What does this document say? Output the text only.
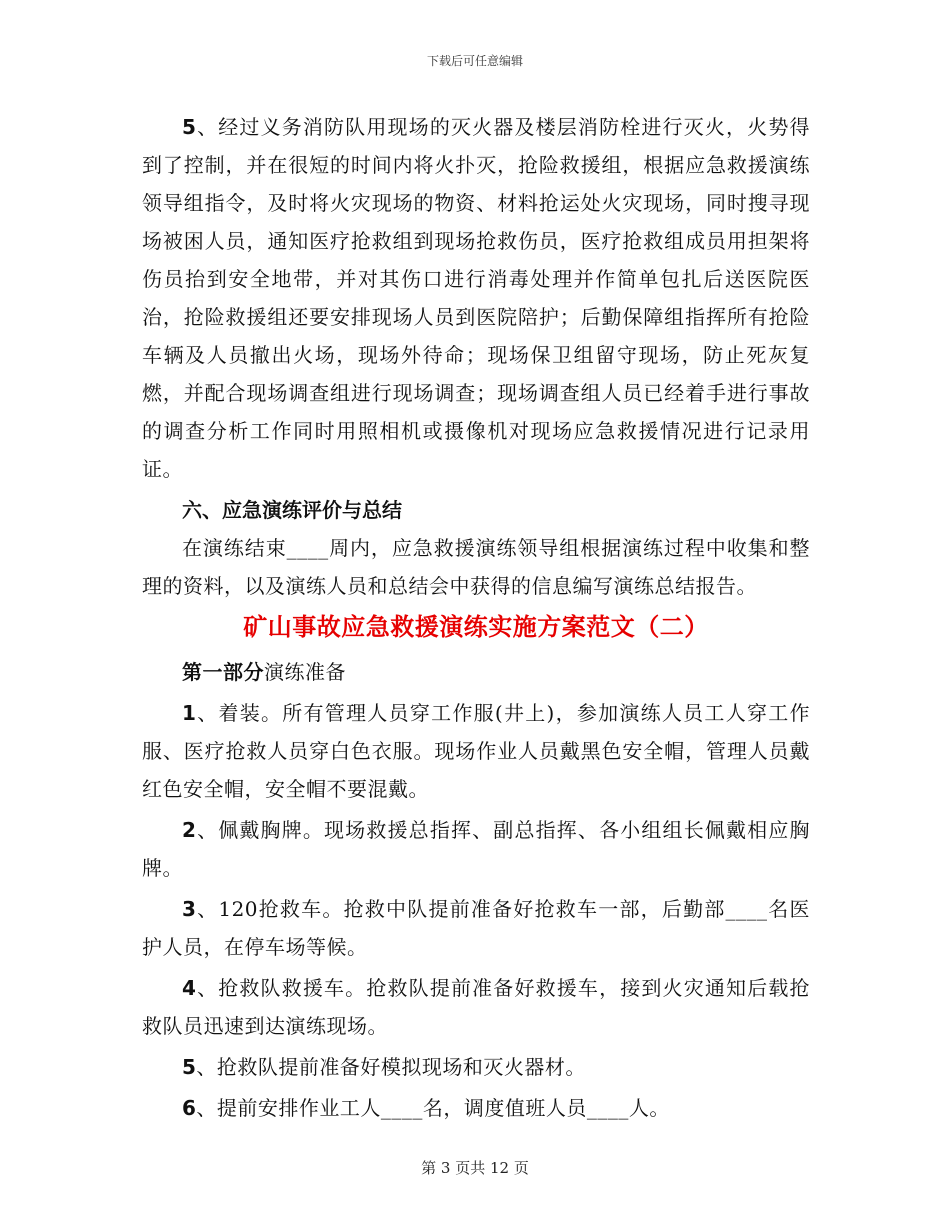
下载后可任意编辑

5、经过义务消防队用现场的灭火器及楼层消防栓进行灭火，火势得到了控制，并在很短的时间内将火扑灭，抢险救援组，根据应急救援演练领导组指令，及时将火灾现场的物资、材料抢运处火灾现场，同时搜寻现场被困人员，通知医疗抢救组到现场抢救伤员，医疗抢救组成员用担架将伤员抬到安全地带，并对其伤口进行消毒处理并作简单包扎后送医院医治，抢险救援组还要安排现场人员到医院陪护；后勤保障组指挥所有抢险车辆及人员撤出火场，现场外待命；现场保卫组留守现场，防止死灰复燃，并配合现场调查组进行现场调查；现场调查组人员已经着手进行事故的调查分析工作同时用照相机或摄像机对现场应急救援情况进行记录用证。

六、应急演练评价与总结

在演练结束____周内，应急救援演练领导组根据演练过程中收集和整理的资料，以及演练人员和总结会中获得的信息编写演练总结报告。

矿山事故应急救援演练实施方案范文（二）

第一部分演练准备

1、着装。所有管理人员穿工作服(井上)，参加演练人员工人穿工作服、医疗抢救人员穿白色衣服。现场作业人员戴黑色安全帽，管理人员戴红色安全帽，安全帽不要混戴。

2、佩戴胸牌。现场救援总指挥、副总指挥、各小组组长佩戴相应胸牌。

3、120抢救车。抢救中队提前准备好抢救车一部，后勤部____名医护人员，在停车场等候。

4、抢救队救援车。抢救队提前准备好救援车，接到火灾通知后载抢救队员迅速到达演练现场。

5、抢救队提前准备好模拟现场和灭火器材。

6、提前安排作业工人____名，调度值班人员____人。

第 3 页共 12 页
